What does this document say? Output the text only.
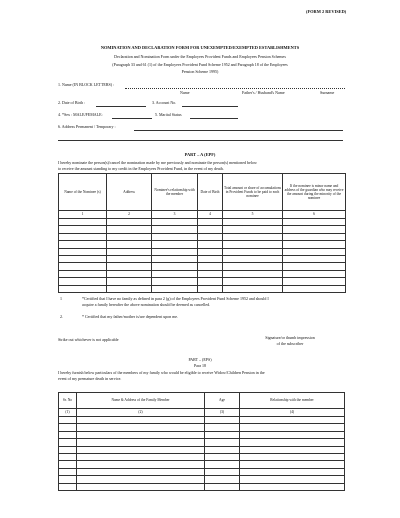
(FORM 2 REVISED)
NOMINATION AND DECLARATION FORM FOR UNEXEMPTED/EXEMPTED ESTABLISHMENTS
Declaration and Nomination Form under the Employees Provident Funds and Employees Pension Schemes
(Paragraph 33 and 61 (1) of the Employees Provident Fund Scheme 1952 and Paragraph 18 of the Employees
Pension Scheme 1995)
1. Name (IN BLOCK LETTERS) :
Name	Father's / Husband's Name	Surname
2. Date of Birth :	3. Account No.
4. *Sex : MALE/FEMALE:	5. Marital Status
6. Address Permanent / Temporary :
PART – A (EPF)
I hereby nominate the person(s)/cancel the nomination made by me previously and nominate the person(s) mentioned below
to receive the amount standing to my credit in the Employees Provident Fund, in the event of my death.
Name of the Nominee (s)	Address	Nominee's relationship with the member	Date of Birth	Total amount or share of accumulations in Provident Funds to be paid to each nominee	If the nominee is minor name and address of the guardian who may receive the amount during the minority of the nominee
1	2	3	4	5	6

1	*Certified that I have no family as defined in para 2 (g) of the Employees Provident Fund Scheme 1952 and should I
acquire a family hereafter the above nomination should be deemed as cancelled.
2.	* Certified that my father/mother is/are dependent upon me.
Strike out whichever is not applicable	Signature/or thumb impression
of the subscriber
PART – (EPS)
Para 18
I hereby furnish below particulars of the members of my family who would be eligible to receive Widow/Children Pension in the
event of my premature death in service.
Sr. No	Name & Address of the Family Member	Age	Relationship with the member
(1)	(2)	(3)	(4)
